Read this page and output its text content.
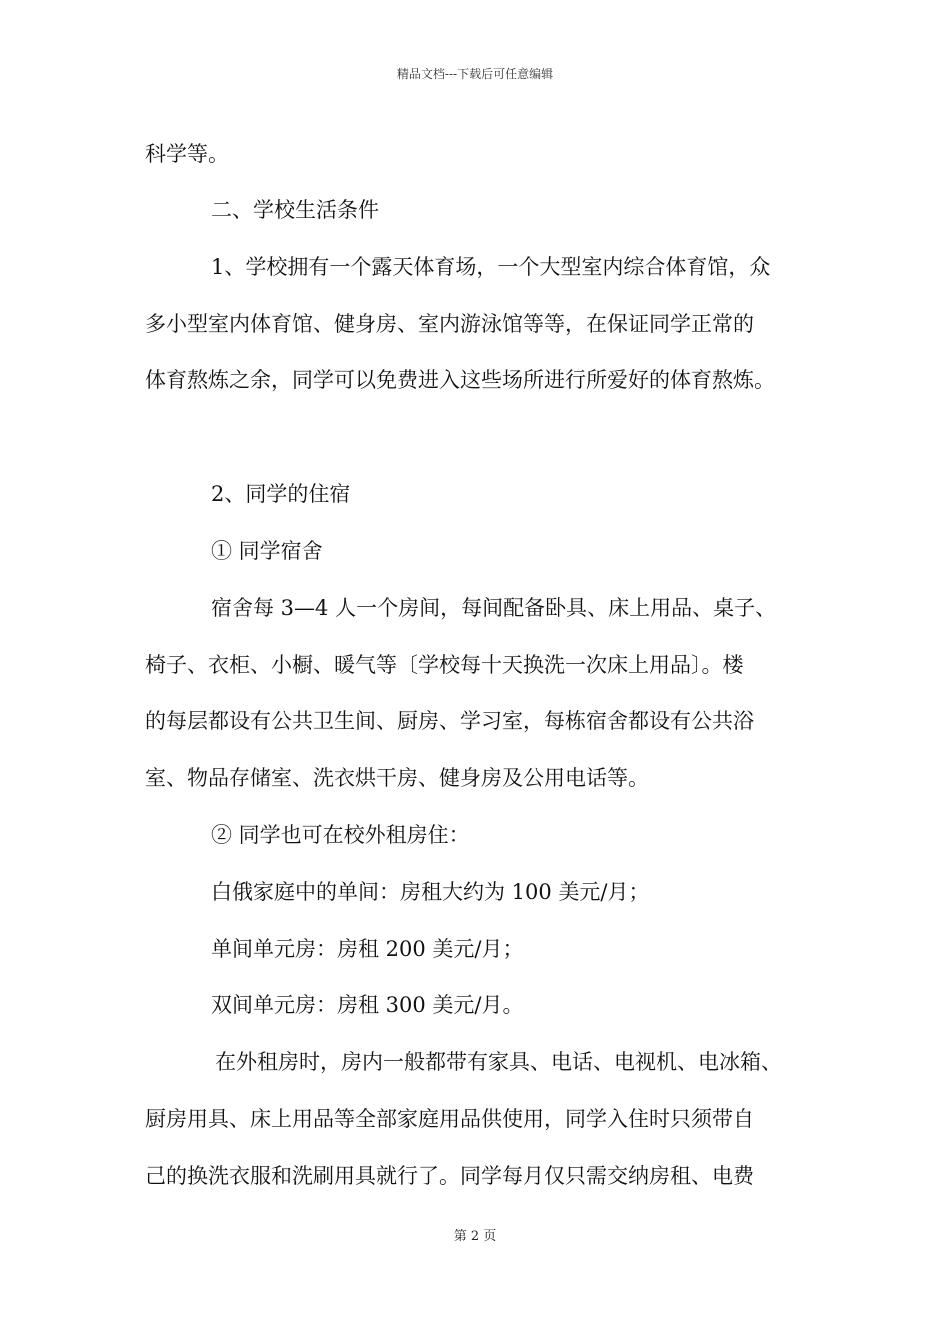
精品文档---下载后可任意编辑
科学等。
二、学校生活条件
1、学校拥有一个露天体育场，一个大型室内综合体育馆，众
多小型室内体育馆、健身房、室内游泳馆等等，在保证同学正常的
体育熬炼之余，同学可以免费进入这些场所进行所爱好的体育熬炼。
2、同学的住宿
① 同学宿舍
宿舍每 3—4 人一个房间，每间配备卧具、床上用品、桌子、
椅子、衣柜、小橱、暖气等〔学校每十天换洗一次床上用品〕。楼
的每层都设有公共卫生间、厨房、学习室，每栋宿舍都设有公共浴
室、物品存储室、洗衣烘干房、健身房及公用电话等。
② 同学也可在校外租房住：
白俄家庭中的单间：房租大约为 100 美元/月；
单间单元房：房租 200 美元/月；
双间单元房：房租 300 美元/月。
在外租房时，房内一般都带有家具、电话、电视机、电冰箱、
厨房用具、床上用品等全部家庭用品供使用，同学入住时只须带自
己的换洗衣服和洗刷用具就行了。同学每月仅只需交纳房租、电费
第 2 页
